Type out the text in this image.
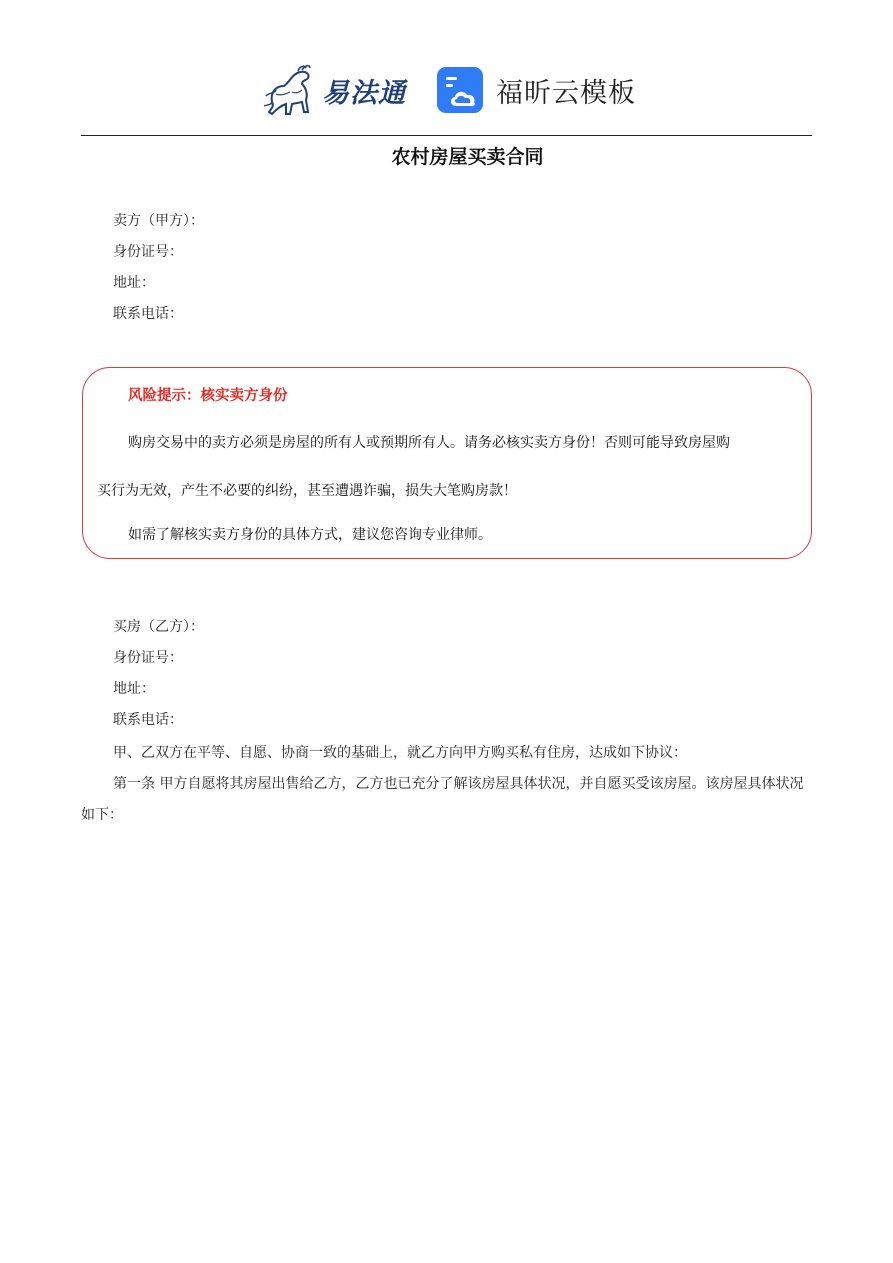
易法通	福昕云模板
农村房屋买卖合同
卖方（甲方）：
身份证号：
地址：
联系电话：
风险提示：核实卖方身份
购房交易中的卖方必须是房屋的所有人或预期所有人。请务必核实卖方身份！否则可能导致房屋购
买行为无效，产生不必要的纠纷，甚至遭遇诈骗，损失大笔购房款！
如需了解核实卖方身份的具体方式，建议您咨询专业律师。
买房（乙方）：
身份证号：
地址：
联系电话：
甲、乙双方在平等、自愿、协商一致的基础上，就乙方向甲方购买私有住房，达成如下协议：
第一条 甲方自愿将其房屋出售给乙方，乙方也已充分了解该房屋具体状况，并自愿买受该房屋。该房屋具体状况如下：
